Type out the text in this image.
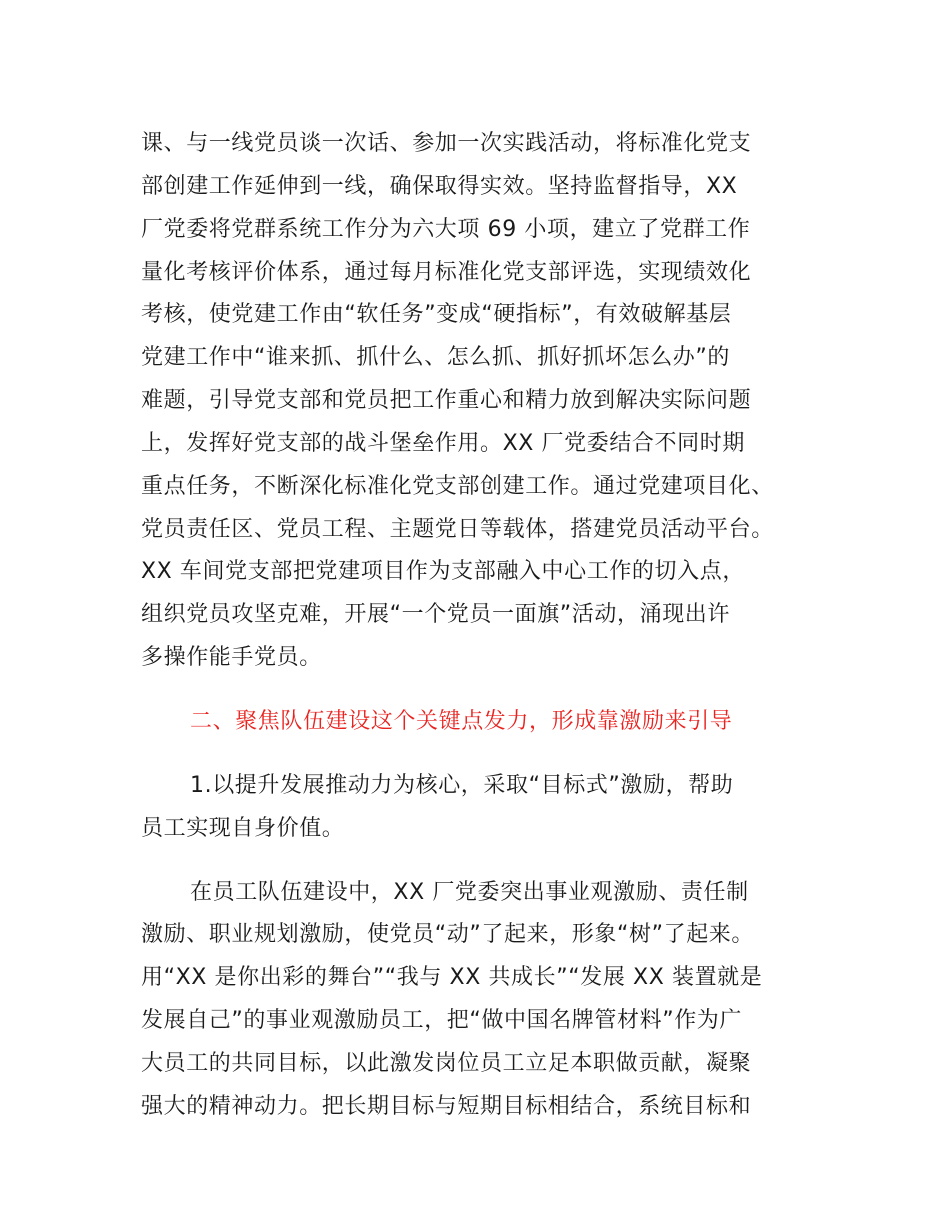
课、与一线党员谈一次话、参加一次实践活动，将标准化党支
部创建工作延伸到一线，确保取得实效。坚持监督指导，XX
厂党委将党群系统工作分为六大项 69 小项，建立了党群工作
量化考核评价体系，通过每月标准化党支部评选，实现绩效化
考核，使党建工作由“软任务”变成“硬指标”，有效破解基层
党建工作中“谁来抓、抓什么、怎么抓、抓好抓坏怎么办”的
难题，引导党支部和党员把工作重心和精力放到解决实际问题
上，发挥好党支部的战斗堡垒作用。XX 厂党委结合不同时期
重点任务，不断深化标准化党支部创建工作。通过党建项目化、
党员责任区、党员工程、主题党日等载体，搭建党员活动平台。
XX 车间党支部把党建项目作为支部融入中心工作的切入点，
组织党员攻坚克难，开展“一个党员一面旗”活动，涌现出许
多操作能手党员。
二、聚焦队伍建设这个关键点发力，形成靠激励来引导
1.以提升发展推动力为核心，采取“目标式”激励，帮助
员工实现自身价值。
在员工队伍建设中，XX 厂党委突出事业观激励、责任制
激励、职业规划激励，使党员“动”了起来，形象“树”了起来。
用“XX 是你出彩的舞台”“我与 XX 共成长”“发展 XX 装置就是
发展自己”的事业观激励员工，把“做中国名牌管材料”作为广
大员工的共同目标，以此激发岗位员工立足本职做贡献，凝聚
强大的精神动力。把长期目标与短期目标相结合，系统目标和
